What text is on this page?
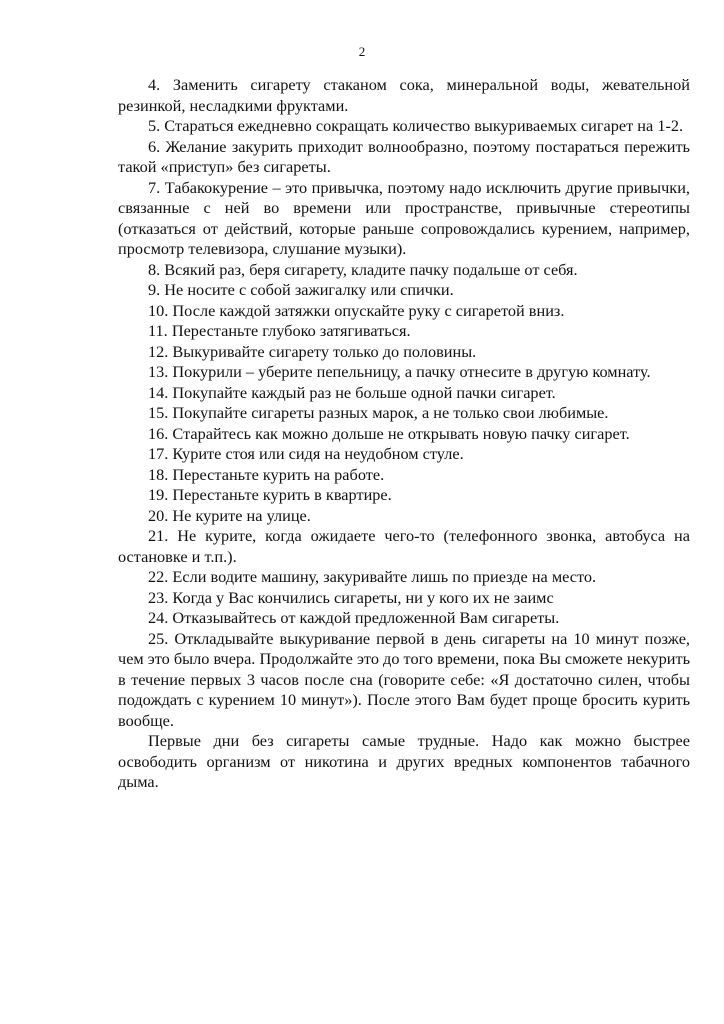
2

4. Заменить сигарету стаканом сока, минеральной воды, жевательной резинкой, несладкими фруктами.

5. Стараться ежедневно сокращать количество выкуриваемых сигарет на 1-2.

6. Желание закурить приходит волнообразно, поэтому постараться пережить такой «приступ» без сигареты.

7. Табакокурение – это привычка, поэтому надо исключить другие привычки, связанные с ней во времени или пространстве, привычные стереотипы (отказаться от действий, которые раньше сопровождались курением, например, просмотр телевизора, слушание музыки).

8. Всякий раз, беря сигарету, кладите пачку подальше от себя.

9. Не носите с собой зажигалку или спички.

10. После каждой затяжки опускайте руку с сигаретой вниз.

11. Перестаньте глубоко затягиваться.

12. Выкуривайте сигарету только до половины.

13. Покурили – уберите пепельницу, а пачку отнесите в другую комнату.

14. Покупайте каждый раз не больше одной пачки сигарет.

15. Покупайте сигареты разных марок, а не только свои любимые.

16. Старайтесь как можно дольше не открывать новую пачку сигарет.

17. Курите стоя или сидя на неудобном стуле.

18. Перестаньте курить на работе.

19. Перестаньте курить в квартире.

20. Не курите на улице.

21. Не курите, когда ожидаете чего-то (телефонного звонка, автобуса на остановке и т.п.).

22. Если водите машину, закуривайте лишь по приезде на место.

23. Когда у Вас кончились сигареты, ни у кого их не заимс

24. Отказывайтесь от каждой предложенной Вам сигареты.

25. Откладывайте выкуривание первой в день сигареты на 10 минут позже, чем это было вчера. Продолжайте это до того времени, пока Вы сможете некурить в течение первых 3 часов после сна (говорите себе: «Я достаточно силен, чтобы подождать с курением 10 минут»). После этого Вам будет проще бросить курить вообще.

Первые дни без сигареты самые трудные. Надо как можно быстрее освободить организм от никотина и других вредных компонентов табачного дыма.
